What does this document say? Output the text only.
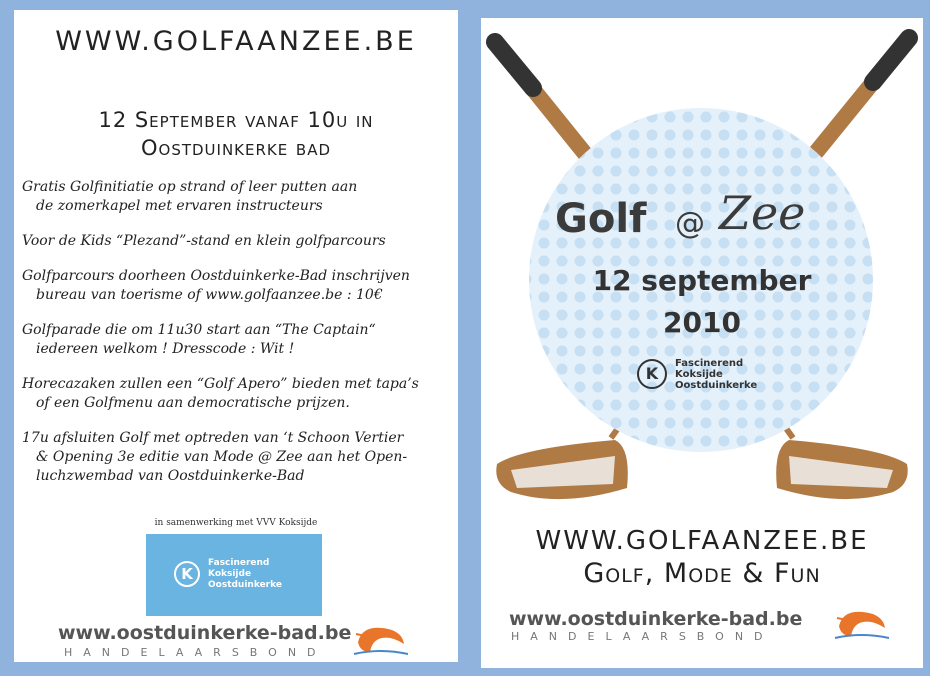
WWW.GOLFAANZEE.BE
12 September vanaf 10u in
Oostduinkerke bad
Gratis Golfinitiatie op strand of leer putten aan
de zomerkapel met ervaren instructeurs
Voor de Kids “Plezand”-stand en klein golfparcours
Golfparcours doorheen Oostduinkerke-Bad inschrijven
bureau van toerisme of www.golfaanzee.be : 10€
Golfparade die om 11u30 start aan “The Captain“
iedereen welkom ! Dresscode : Wit !
Horecazaken zullen een “Golf Apero” bieden met tapa’s
of een Golfmenu aan democratische prijzen.
17u afsluiten Golf met optreden van ‘t Schoon Vertier
& Opening 3e editie van Mode @ Zee aan het Open-
luchzwembad van Oostduinkerke-Bad
in samenwerking met VVV Koksijde
K
Fascinerend
Koksijde
Oostduinkerke
www.oostduinkerke-bad.be
HANDELAARSBOND
Golf @ Zee
12 september
2010
K
Fascinerend
Koksijde
Oostduinkerke
WWW.GOLFAANZEE.BE
Golf, Mode & Fun
www.oostduinkerke-bad.be
HANDELAARSBOND
